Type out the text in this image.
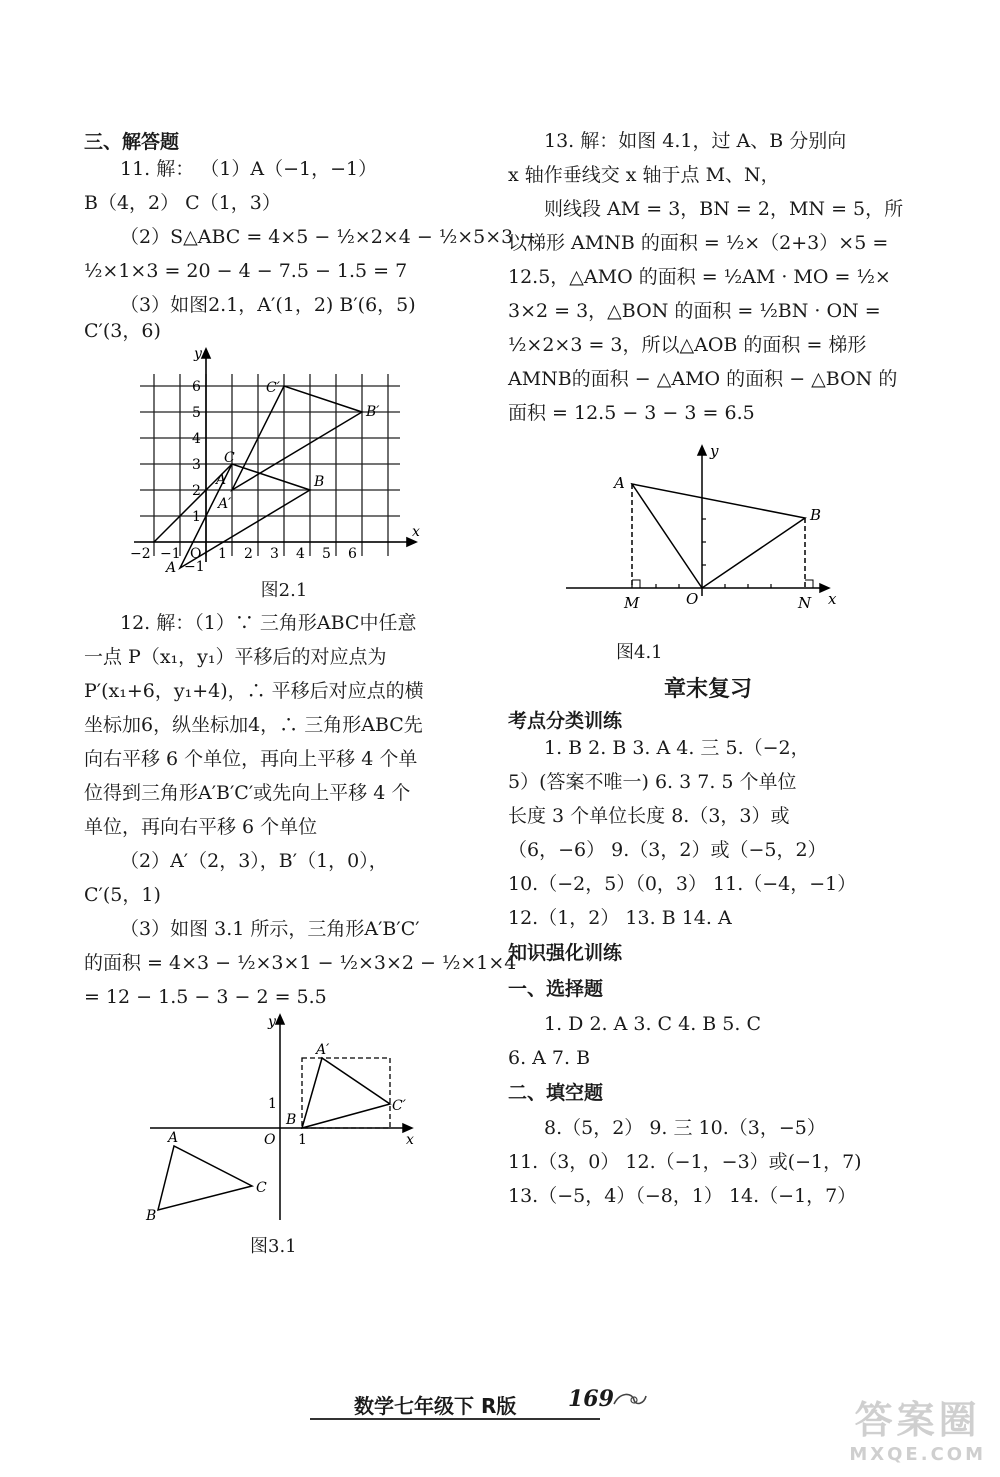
三、解答题

11. 解： （1）A（−1，−1）

B（4，2） C（1，3）

（2）S△ABC = 4×5 − ½×2×4 − ½×5×3 −

½×1×3 = 20 − 4 − 7.5 − 1.5 = 7

（3）如图2.1，A′(1，2) B′(6，5)

C′(3，6)

−2 −1 O 1 2 3 4 5 6
1
2
3
4
5
6
−1
x
y
A	B
C
A
A′
B′
C′

图2.1

12. 解：（1）∵ 三角形ABC中任意

一点 P（x₁，y₁）平移后的对应点为

P′(x₁+6，y₁+4)，∴ 平移后对应点的横

坐标加6，纵坐标加4，∴ 三角形ABC先

向右平移 6 个单位，再向上平移 4 个单

位得到三角形A′B′C′或先向上平移 4 个

单位，再向右平移 6 个单位

（2）A′（2，3），B′（1，0），

C′(5，1)

（3）如图 3.1 所示，三角形A′B′C′

的面积 = 4×3 − ½×3×1 − ½×3×2 − ½×1×4

= 12 − 1.5 − 3 − 2 = 5.5

x
y
O 1
1
A
B
C
A′
B
C′

图3.1

13. 解：如图 4.1，过 A、B 分别向

x 轴作垂线交 x 轴于点 M、N，

则线段 AM = 3，BN = 2，MN = 5，所

以梯形 AMNB 的面积 = ½×（2+3）×5 =

12.5，△AMO 的面积 = ½AM · MO = ½×

3×2 = 3，△BON 的面积 = ½BN · ON =

½×2×3 = 3，所以△AOB 的面积 = 梯形

AMNB的面积 − △AMO 的面积 − △BON 的

面积 = 12.5 − 3 − 3 = 6.5

A
B
M	O	N x
y

图4.1

章末复习

考点分类训练

1. B 2. B 3. A 4. 三 5.（−2，

5）(答案不唯一) 6. 3 7. 5 个单位

长度 3 个单位长度 8.（3，3）或

（6，−6） 9.（3，2）或（−5，2）

10.（−2，5）（0，3） 11.（−4，−1）

12.（1，2） 13. B 14. A

知识强化训练

一、选择题

1. D 2. A 3. C 4. B 5. C

6. A 7. B

二、填空题

8.（5，2） 9. 三 10.（3，−5）

11.（3，0） 12.（−1，−3）或(−1，7)

13.（−5，4）（−8，1） 14.（−1，7）

数学七年级下 R版 169	答案圈
MXQE.COM
